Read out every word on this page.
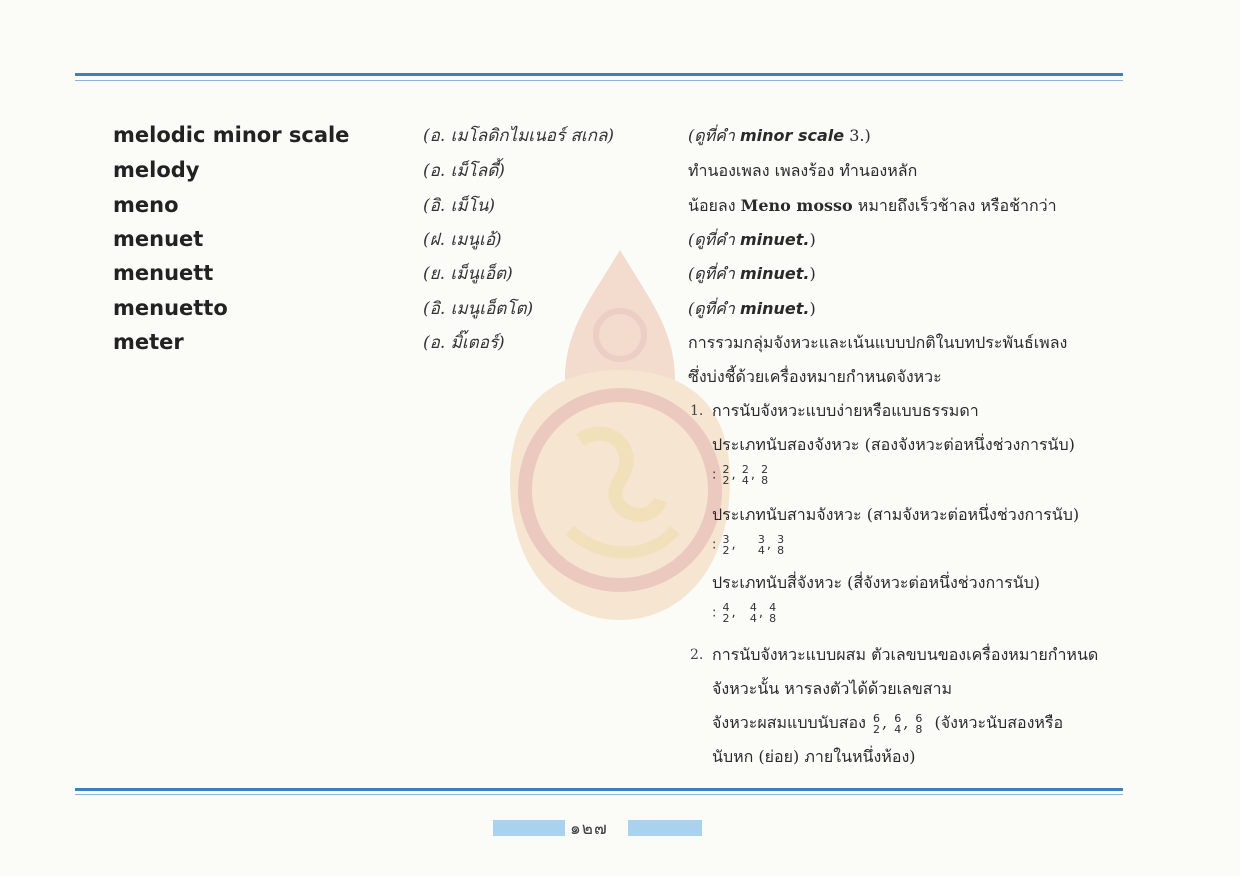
melodic minor scale	(อ. เมโลดิกไมเนอร์ สเกล)	(ดูที่คำ minor scale 3.)
melody	(อ. เม็โลดี้)	ทำนองเพลง เพลงร้อง ทำนองหลัก
meno	(อิ. เม็โน)	น้อยลง Meno mosso หมายถึงเร็วช้าลง หรือช้ากว่า
menuet	(ฝ. เมนูเอ้)	(ดูที่คำ minuet.)
menuett	(ย. เม็นูเอ็ต)	(ดูที่คำ minuet.)
menuetto	(อิ. เมนูเอ็ตโต)	(ดูที่คำ minuet.)
meter	(อ. มิ๊เตอร์)	การรวมกลุ่มจังหวะและเน้นแบบปกติในบทประพันธ์เพลง
ซึ่งบ่งชี้ด้วยเครื่องหมายกำหนดจังหวะ
1. การนับจังหวะแบบง่ายหรือแบบธรรมดา
ประเภทนับสองจังหวะ (สองจังหวะต่อหนึ่งช่วงการนับ)
: 2
2 , 2
4 , 2
8
ประเภทนับสามจังหวะ (สามจังหวะต่อหนึ่งช่วงการนับ)
: 3
2 , 3
4 , 3
8
ประเภทนับสี่จังหวะ (สี่จังหวะต่อหนึ่งช่วงการนับ)
: 4
2 , 4
4 , 4
8
2. การนับจังหวะแบบผสม ตัวเลขบนของเครื่องหมายกำหนด
จังหวะนั้น หารลงตัวได้ด้วยเลขสาม
จังหวะผสมแบบนับสอง 6
2 , 6
4 , 6
8 (จังหวะนับสองหรือ
นับหก (ย่อย) ภายในหนึ่งห้อง)
๑๒๗
